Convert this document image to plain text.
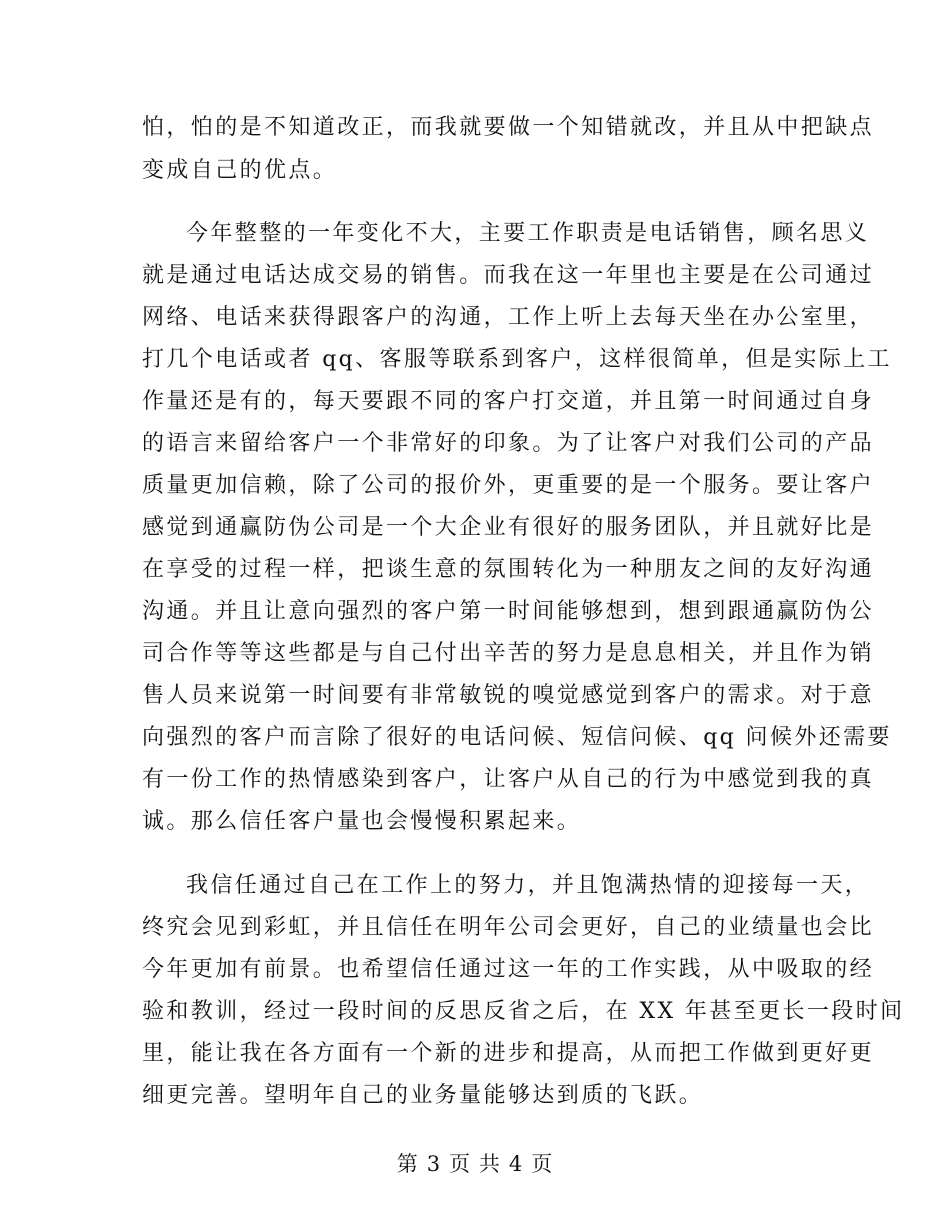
怕，怕的是不知道改正，而我就要做一个知错就改，并且从中把缺点
变成自己的优点。
今年整整的一年变化不大，主要工作职责是电话销售，顾名思义
就是通过电话达成交易的销售。而我在这一年里也主要是在公司通过
网络、电话来获得跟客户的沟通，工作上听上去每天坐在办公室里，
打几个电话或者 qq、客服等联系到客户，这样很简单，但是实际上工
作量还是有的，每天要跟不同的客户打交道，并且第一时间通过自身
的语言来留给客户一个非常好的印象。为了让客户对我们公司的产品
质量更加信赖，除了公司的报价外，更重要的是一个服务。要让客户
感觉到通赢防伪公司是一个大企业有很好的服务团队，并且就好比是
在享受的过程一样，把谈生意的氛围转化为一种朋友之间的友好沟通
沟通。并且让意向强烈的客户第一时间能够想到，想到跟通赢防伪公
司合作等等这些都是与自己付出辛苦的努力是息息相关，并且作为销
售人员来说第一时间要有非常敏锐的嗅觉感觉到客户的需求。对于意
向强烈的客户而言除了很好的电话问候、短信问候、qq 问候外还需要
有一份工作的热情感染到客户，让客户从自己的行为中感觉到我的真
诚。那么信任客户量也会慢慢积累起来。
我信任通过自己在工作上的努力，并且饱满热情的迎接每一天，
终究会见到彩虹，并且信任在明年公司会更好，自己的业绩量也会比
今年更加有前景。也希望信任通过这一年的工作实践，从中吸取的经
验和教训，经过一段时间的反思反省之后，在 XX 年甚至更长一段时间
里，能让我在各方面有一个新的进步和提高，从而把工作做到更好更
细更完善。望明年自己的业务量能够达到质的飞跃。
第 3 页 共 4 页
